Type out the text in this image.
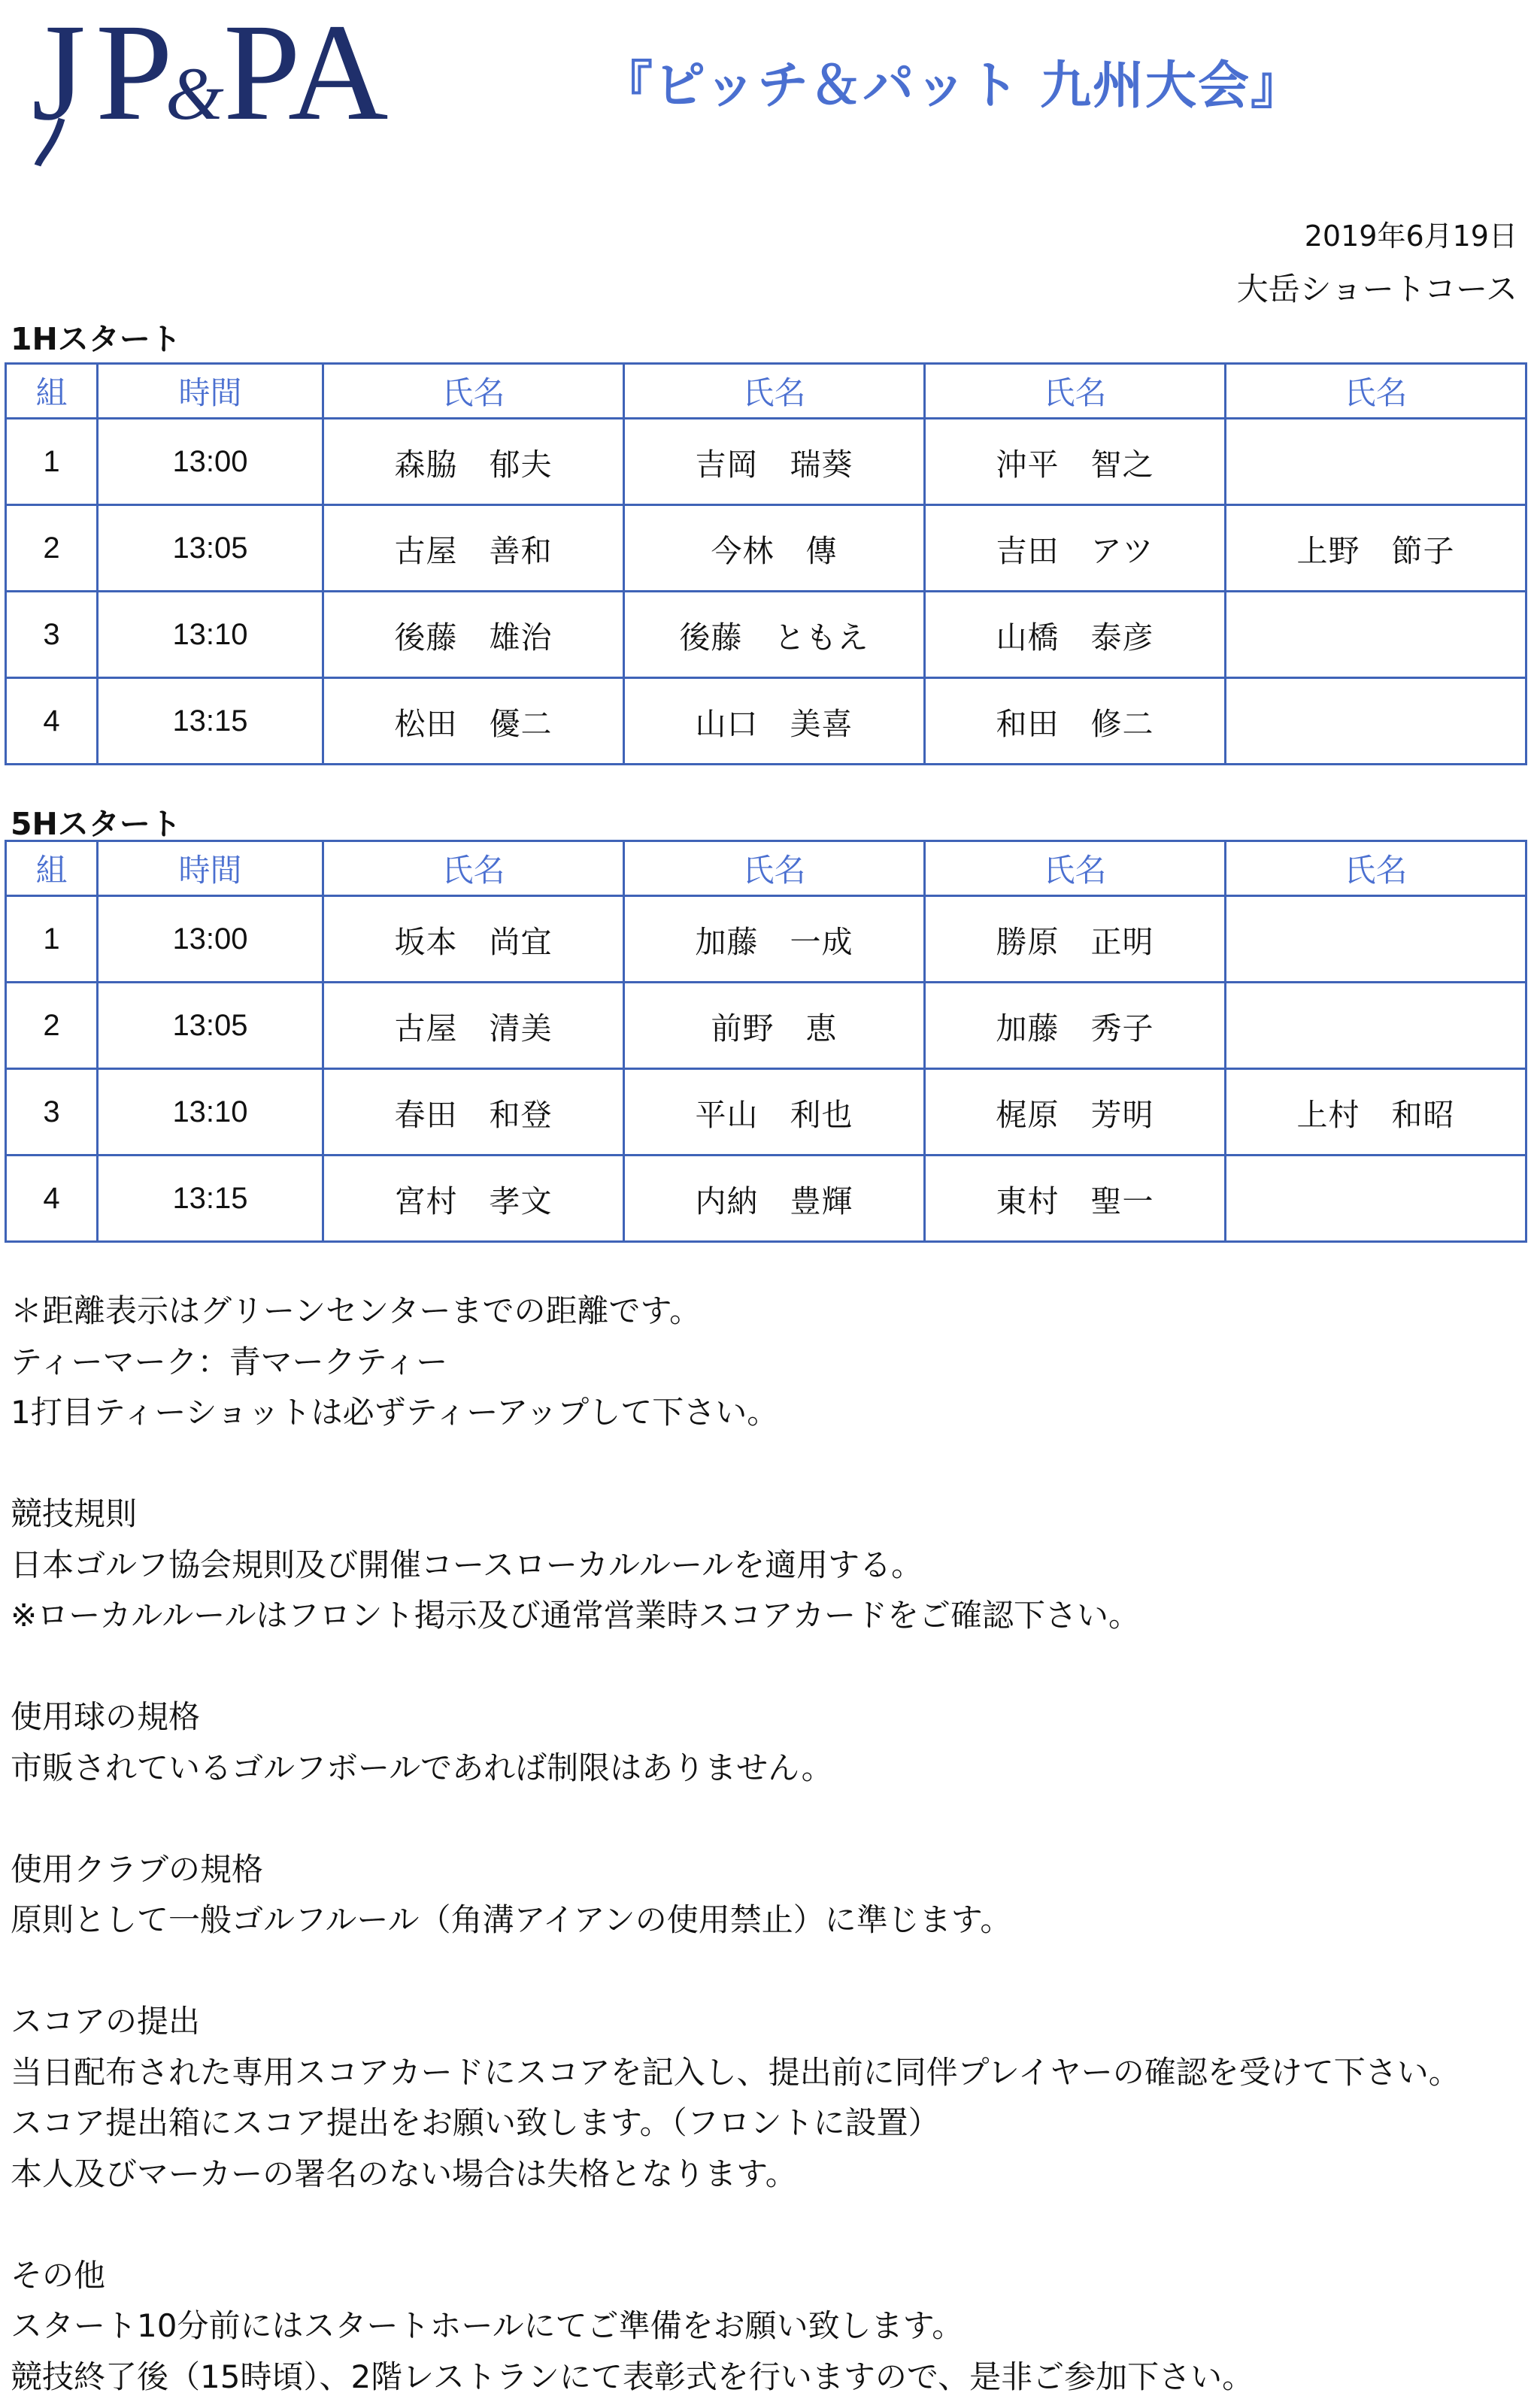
J P
& PA	『ピッチ＆パット 九州大会』
2019年6月19日
大岳ショートコース
1Hスタート
組	時間	氏名	氏名	氏名	氏名
1	13:00	森脇　郁夫	吉岡　瑞葵	沖平　智之	
2	13:05	古屋　善和	今林　傳	吉田　アツ	上野　節子
3	13:10	後藤　雄治	後藤　ともえ	山橋　泰彦	
4	13:15	松田　優二	山口　美喜	和田　修二	
5Hスタート
組	時間	氏名	氏名	氏名	氏名
1	13:00	坂本　尚宜	加藤　一成	勝原　正明	
2	13:05	古屋　清美	前野　恵	加藤　秀子	
3	13:10	春田　和登	平山　利也	梶原　芳明	上村　和昭
4	13:15	宮村　孝文	内納　豊輝	東村　聖一	
＊距離表示はグリーンセンターまでの距離です。
ティーマーク：青マークティー
1打目ティーショットは必ずティーアップして下さい。
競技規則
日本ゴルフ協会規則及び開催コースローカルルールを適用する。
※ローカルルールはフロント掲示及び通常営業時スコアカードをご確認下さい。
使用球の規格
市販されているゴルフボールであれば制限はありません。
使用クラブの規格
原則として一般ゴルフルール（角溝アイアンの使用禁止）に準じます。
スコアの提出
当日配布された専用スコアカードにスコアを記入し、提出前に同伴プレイヤーの確認を受けて下さい。
スコア提出箱にスコア提出をお願い致します。（フロントに設置）
本人及びマーカーの署名のない場合は失格となります。
その他
スタート10分前にはスタートホールにてご準備をお願い致します。
競技終了後（15時頃）、2階レストランにて表彰式を行いますので、是非ご参加下さい。
